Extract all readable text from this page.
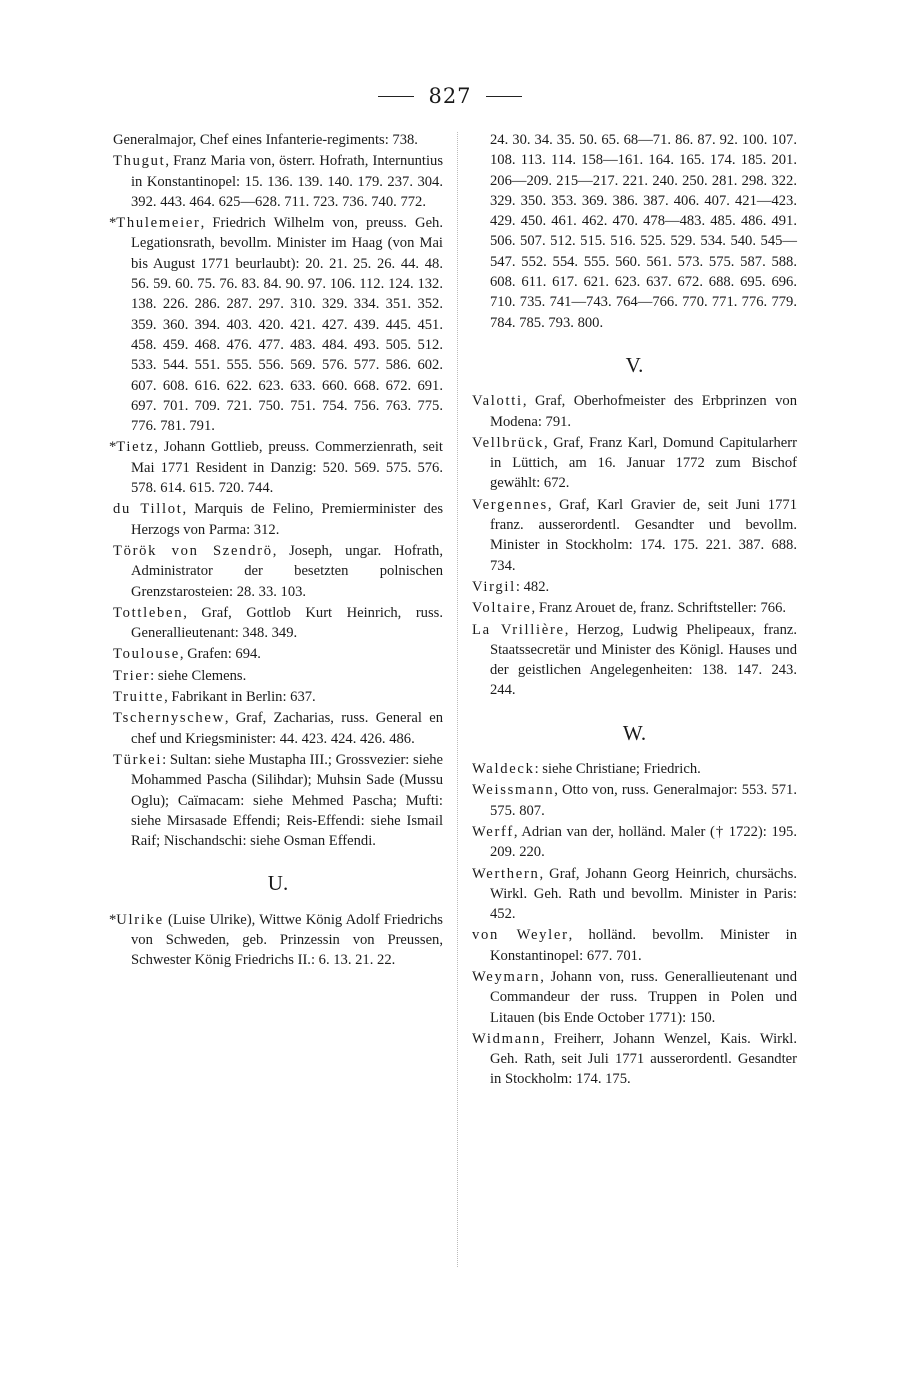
827

Generalmajor, Chef eines Infanterie-regiments: 738.

Thugut, Franz Maria von, österr. Hofrath, Internuntius in Konstantinopel: 15. 136. 139. 140. 179. 237. 304. 392. 443. 464. 625—628. 711. 723. 736. 740. 772.

*Thulemeier, Friedrich Wilhelm von, preuss. Geh. Legationsrath, bevollm. Minister im Haag (von Mai bis August 1771 beurlaubt): 20. 21. 25. 26. 44. 48. 56. 59. 60. 75. 76. 83. 84. 90. 97. 106. 112. 124. 132. 138. 226. 286. 287. 297. 310. 329. 334. 351. 352. 359. 360. 394. 403. 420. 421. 427. 439. 445. 451. 458. 459. 468. 476. 477. 483. 484. 493. 505. 512. 533. 544. 551. 555. 556. 569. 576. 577. 586. 602. 607. 608. 616. 622. 623. 633. 660. 668. 672. 691. 697. 701. 709. 721. 750. 751. 754. 756. 763. 775. 776. 781. 791.

*Tietz, Johann Gottlieb, preuss. Commerzienrath, seit Mai 1771 Resident in Danzig: 520. 569. 575. 576. 578. 614. 615. 720. 744.

du Tillot, Marquis de Felino, Premierminister des Herzogs von Parma: 312.

Török von Szendrö, Joseph, ungar. Hofrath, Administrator der besetzten polnischen Grenzstarosteien: 28. 33. 103.

Tottleben, Graf, Gottlob Kurt Heinrich, russ. Generallieutenant: 348. 349.

Toulouse, Grafen: 694.

Trier: siehe Clemens.

Truitte, Fabrikant in Berlin: 637.

Tschernyschew, Graf, Zacharias, russ. General en chef und Kriegsminister: 44. 423. 424. 426. 486.

Türkei: Sultan: siehe Mustapha III.; Grossvezier: siehe Mohammed Pascha (Silihdar); Muhsin Sade (Mussu Oglu); Caïmacam: siehe Mehmed Pascha; Mufti: siehe Mirsasade Effendi; Reis-Effendi: siehe Ismail Raif; Nischandschi: siehe Osman Effendi.

U.

*Ulrike (Luise Ulrike), Wittwe König Adolf Friedrichs von Schweden, geb. Prinzessin von Preussen, Schwester König Friedrichs II.: 6. 13. 21. 22.

24. 30. 34. 35. 50. 65. 68—71. 86. 87. 92. 100. 107. 108. 113. 114. 158—161. 164. 165. 174. 185. 201. 206—209. 215—217. 221. 240. 250. 281. 298. 322. 329. 350. 353. 369. 386. 387. 406. 407. 421—423. 429. 450. 461. 462. 470. 478—483. 485. 486. 491. 506. 507. 512. 515. 516. 525. 529. 534. 540. 545—547. 552. 554. 555. 560. 561. 573. 575. 587. 588. 608. 611. 617. 621. 623. 637. 672. 688. 695. 696. 710. 735. 741—743. 764—766. 770. 771. 776. 779. 784. 785. 793. 800.

V.

Valotti, Graf, Oberhofmeister des Erbprinzen von Modena: 791.

Vellbrück, Graf, Franz Karl, Domund Capitularherr in Lüttich, am 16. Januar 1772 zum Bischof gewählt: 672.

Vergennes, Graf, Karl Gravier de, seit Juni 1771 franz. ausserordentl. Gesandter und bevollm. Minister in Stockholm: 174. 175. 221. 387. 688. 734.

Virgil: 482.

Voltaire, Franz Arouet de, franz. Schriftsteller: 766.

La Vrillière, Herzog, Ludwig Phelipeaux, franz. Staatssecretär und Minister des Königl. Hauses und der geistlichen Angelegenheiten: 138. 147. 243. 244.

W.

Waldeck: siehe Christiane; Friedrich.

Weissmann, Otto von, russ. Generalmajor: 553. 571. 575. 807.

Werff, Adrian van der, holländ. Maler († 1722): 195. 209. 220.

Werthern, Graf, Johann Georg Heinrich, chursächs. Wirkl. Geh. Rath und bevollm. Minister in Paris: 452.

von Weyler, holländ. bevollm. Minister in Konstantinopel: 677. 701.

Weymarn, Johann von, russ. Generallieutenant und Commandeur der russ. Truppen in Polen und Litauen (bis Ende October 1771): 150.

Widmann, Freiherr, Johann Wenzel, Kais. Wirkl. Geh. Rath, seit Juli 1771 ausserordentl. Gesandter in Stockholm: 174. 175.
